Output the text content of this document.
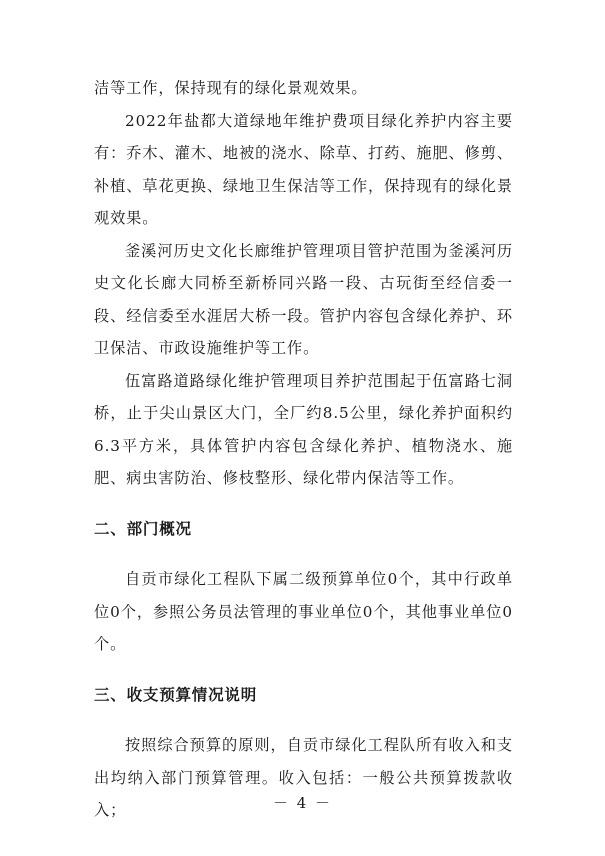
洁等工作，保持现有的绿化景观效果。

2022年盐都大道绿地年维护费项目绿化养护内容主要有：乔木、灌木、地被的浇水、除草、打药、施肥、修剪、补植、草花更换、绿地卫生保洁等工作，保持现有的绿化景观效果。

釜溪河历史文化长廊维护管理项目管护范围为釜溪河历史文化长廊大同桥至新桥同兴路一段、古玩街至经信委一段、经信委至水涯居大桥一段。管护内容包含绿化养护、环卫保洁、市政设施维护等工作。

伍富路道路绿化维护管理项目养护范围起于伍富路七洞桥，止于尖山景区大门，全厂约8.5公里，绿化养护面积约6.3平方米，具体管护内容包含绿化养护、植物浇水、施肥、病虫害防治、修枝整形、绿化带内保洁等工作。

二、部门概况

自贡市绿化工程队下属二级预算单位0个，其中行政单位0个，参照公务员法管理的事业单位0个，其他事业单位0个。

三、收支预算情况说明

按照综合预算的原则，自贡市绿化工程队所有收入和支出均纳入部门预算管理。收入包括：一般公共预算拨款收入；	－ 4 －
